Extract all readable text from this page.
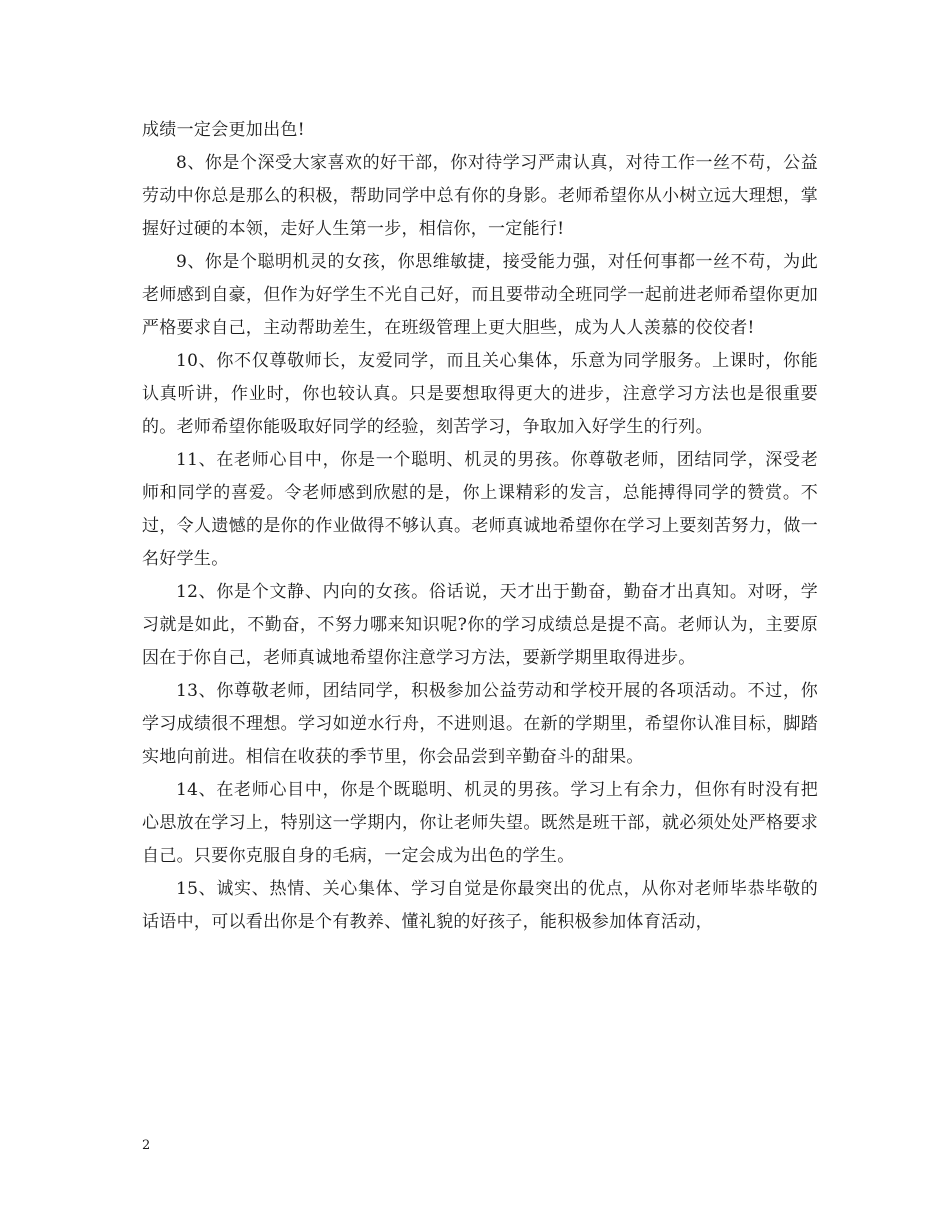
成绩一定会更加出色!

8、你是个深受大家喜欢的好干部，你对待学习严肃认真，对待工作一丝不苟，公益劳动中你总是那么的积极，帮助同学中总有你的身影。老师希望你从小树立远大理想，掌握好过硬的本领，走好人生第一步，相信你，一定能行!

9、你是个聪明机灵的女孩，你思维敏捷，接受能力强，对任何事都一丝不苟，为此老师感到自豪，但作为好学生不光自己好，而且要带动全班同学一起前进老师希望你更加严格要求自己，主动帮助差生，在班级管理上更大胆些，成为人人羡慕的佼佼者!

10、你不仅尊敬师长，友爱同学，而且关心集体，乐意为同学服务。上课时，你能认真听讲，作业时，你也较认真。只是要想取得更大的进步，注意学习方法也是很重要的。老师希望你能吸取好同学的经验，刻苦学习，争取加入好学生的行列。

11、在老师心目中，你是一个聪明、机灵的男孩。你尊敬老师，团结同学，深受老师和同学的喜爱。令老师感到欣慰的是，你上课精彩的发言，总能搏得同学的赞赏。不过，令人遗憾的是你的作业做得不够认真。老师真诚地希望你在学习上要刻苦努力，做一名好学生。

12、你是个文静、内向的女孩。俗话说，天才出于勤奋，勤奋才出真知。对呀，学习就是如此，不勤奋，不努力哪来知识呢?你的学习成绩总是提不高。老师认为，主要原因在于你自己，老师真诚地希望你注意学习方法，要新学期里取得进步。

13、你尊敬老师，团结同学，积极参加公益劳动和学校开展的各项活动。不过，你学习成绩很不理想。学习如逆水行舟，不进则退。在新的学期里，希望你认准目标，脚踏实地向前进。相信在收获的季节里，你会品尝到辛勤奋斗的甜果。

14、在老师心目中，你是个既聪明、机灵的男孩。学习上有余力，但你有时没有把心思放在学习上，特别这一学期内，你让老师失望。既然是班干部，就必须处处严格要求自己。只要你克服自身的毛病，一定会成为出色的学生。

15、诚实、热情、关心集体、学习自觉是你最突出的优点，从你对老师毕恭毕敬的话语中，可以看出你是个有教养、懂礼貌的好孩子，能积极参加体育活动，

2
